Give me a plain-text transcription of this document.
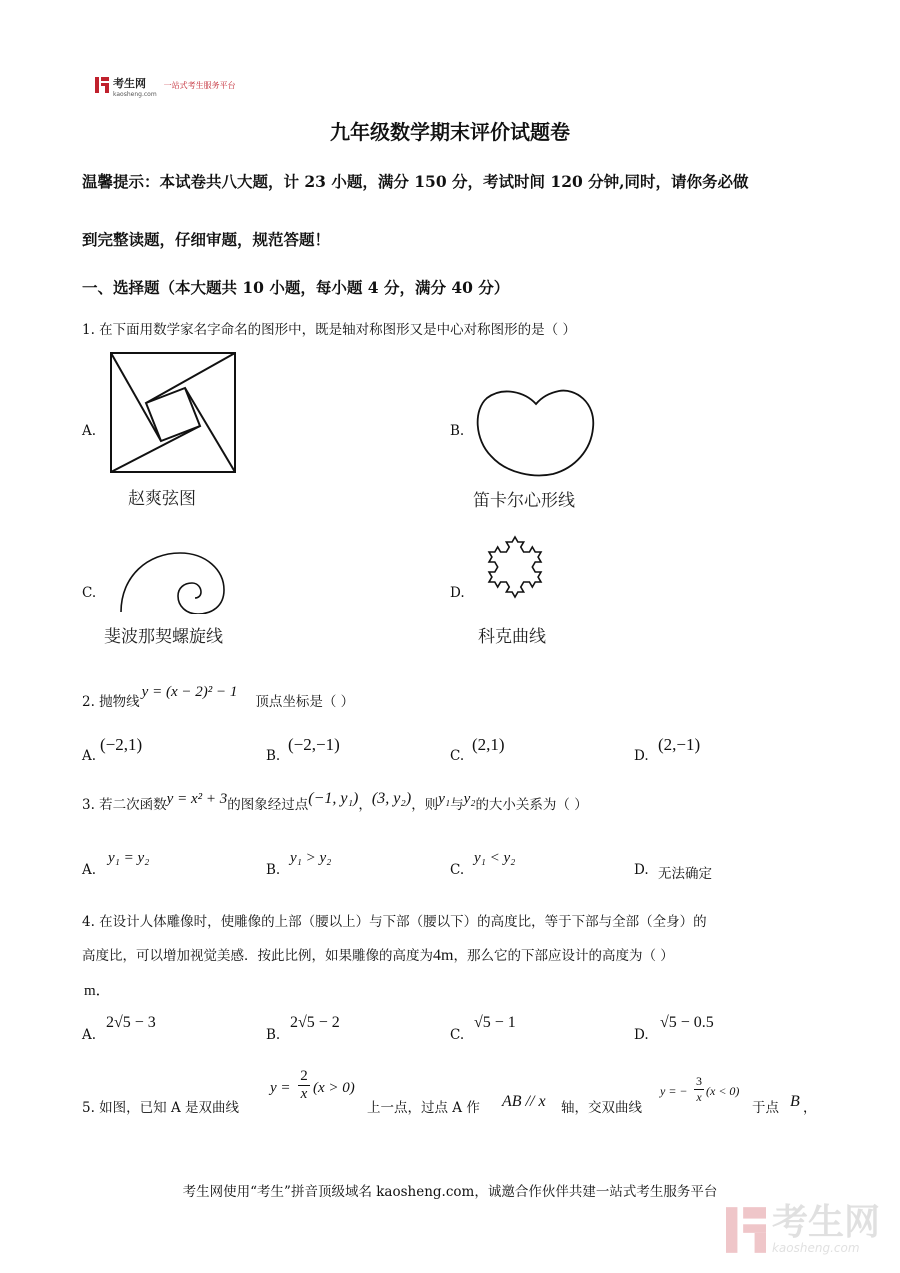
考生网
kaosheng.com
一站式考生服务平台
九年级数学期末评价试题卷
温馨提示：本试卷共八大题，计 23 小题，满分 150 分，考试时间 120 分钟,同时，请你务必做
到完整读题，仔细审题，规范答题！
一、选择题（本大题共 10 小题，每小题 4 分，满分 40 分）
1. 在下面用数学家名字命名的图形中，既是轴对称图形又是中心对称图形的是（ ）
A.
赵爽弦图
B.
笛卡尔心形线
C.
斐波那契螺旋线
D.
科克曲线
2. 抛物线
y = (x − 2)² − 1
顶点坐标是（ ）
A.
(−2,1)
B.
(−2,−1)
C.
(2,1)
D.
(2,−1)
3. 若二次函数 y = x² + 3 的图象经过点 (−1, y₁) ， (3, y₂) ，则 y₁ 与 y₂ 的大小关系为（ ）
A.
y₁ = y₂
B.
y₁ > y₂
C.
y₁ < y₂
D. 无法确定
4. 在设计人体雕像时，使雕像的上部（腰以上）与下部（腰以下）的高度比，等于下部与全部（全身）的
高度比，可以增加视觉美感．按此比例，如果雕像的高度为 4m ，那么它的下部应设计的高度为（ ）
m．
A.
2√5 − 3
B.
2√5 − 2
C.
√5 − 1
D.
√5 − 0.5
5. 如图，已知 A 是双曲线
y =
2
x (x > 0)
上一点，过点 A 作 AB // x 轴，交双曲线
y = −
3
x (x < 0)
于点 B ，
考生网使用“考生”拼音顶级域名 kaosheng.com，诚邀合作伙伴共建一站式考生服务平台
考生网
kaosheng.com
